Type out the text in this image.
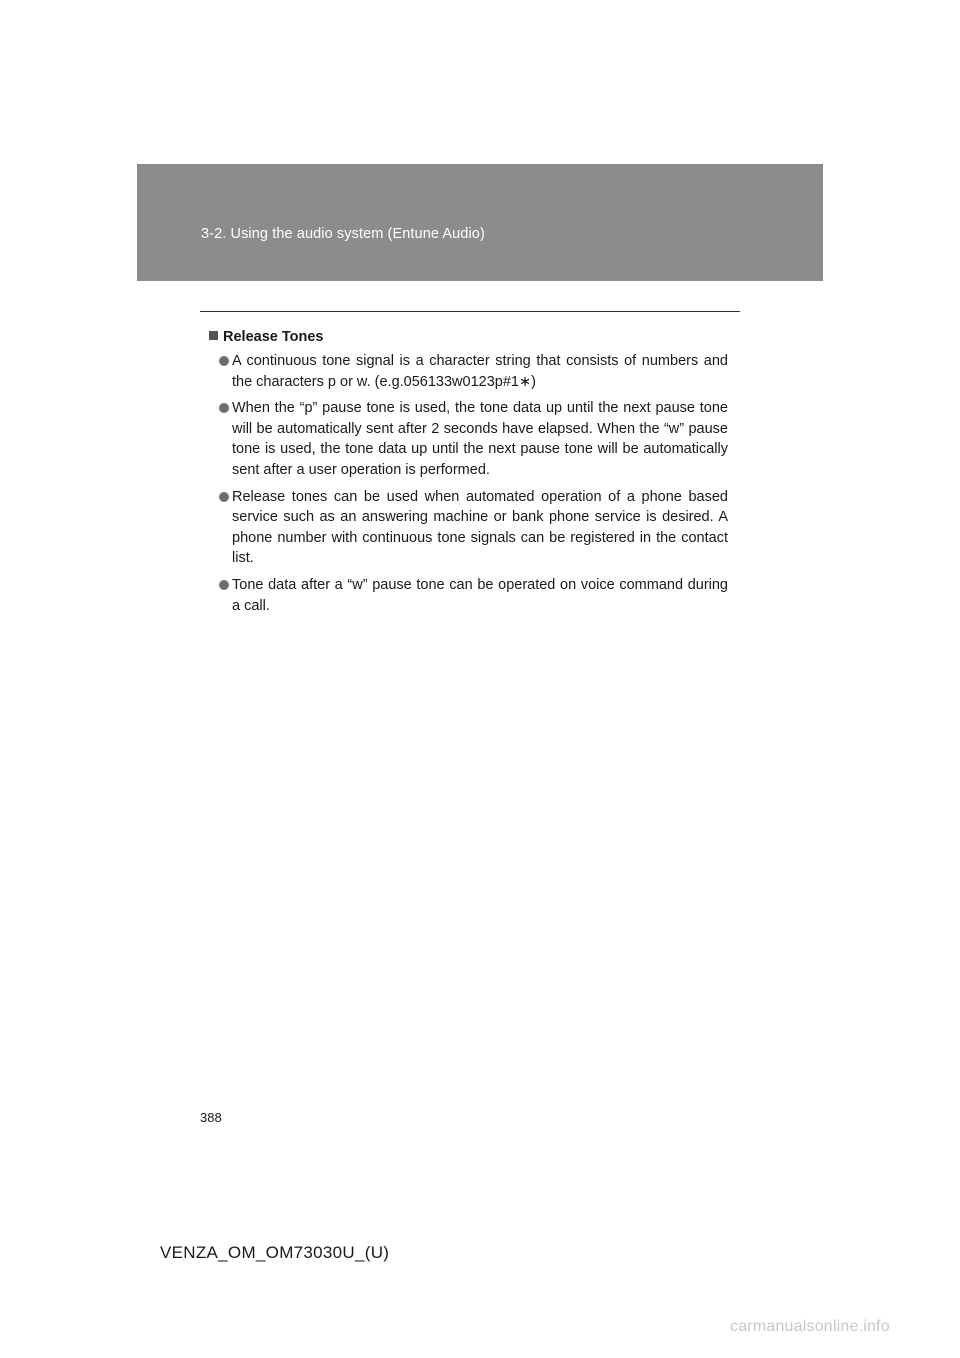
3-2. Using the audio system (Entune Audio)
Release Tones
A continuous tone signal is a character string that consists of numbers and the characters p or w. (e.g.056133w0123p#1∗)
When the “p” pause tone is used, the tone data up until the next pause tone will be automatically sent after 2 seconds have elapsed. When the “w” pause tone is used, the tone data up until the next pause tone will be automatically sent after a user operation is performed.
Release tones can be used when automated operation of a phone based service such as an answering machine or bank phone service is desired. A phone number with continuous tone signals can be registered in the contact list.
Tone data after a “w” pause tone can be operated on voice command during a call.
388
VENZA_OM_OM73030U_(U)
carmanualsonline.info
